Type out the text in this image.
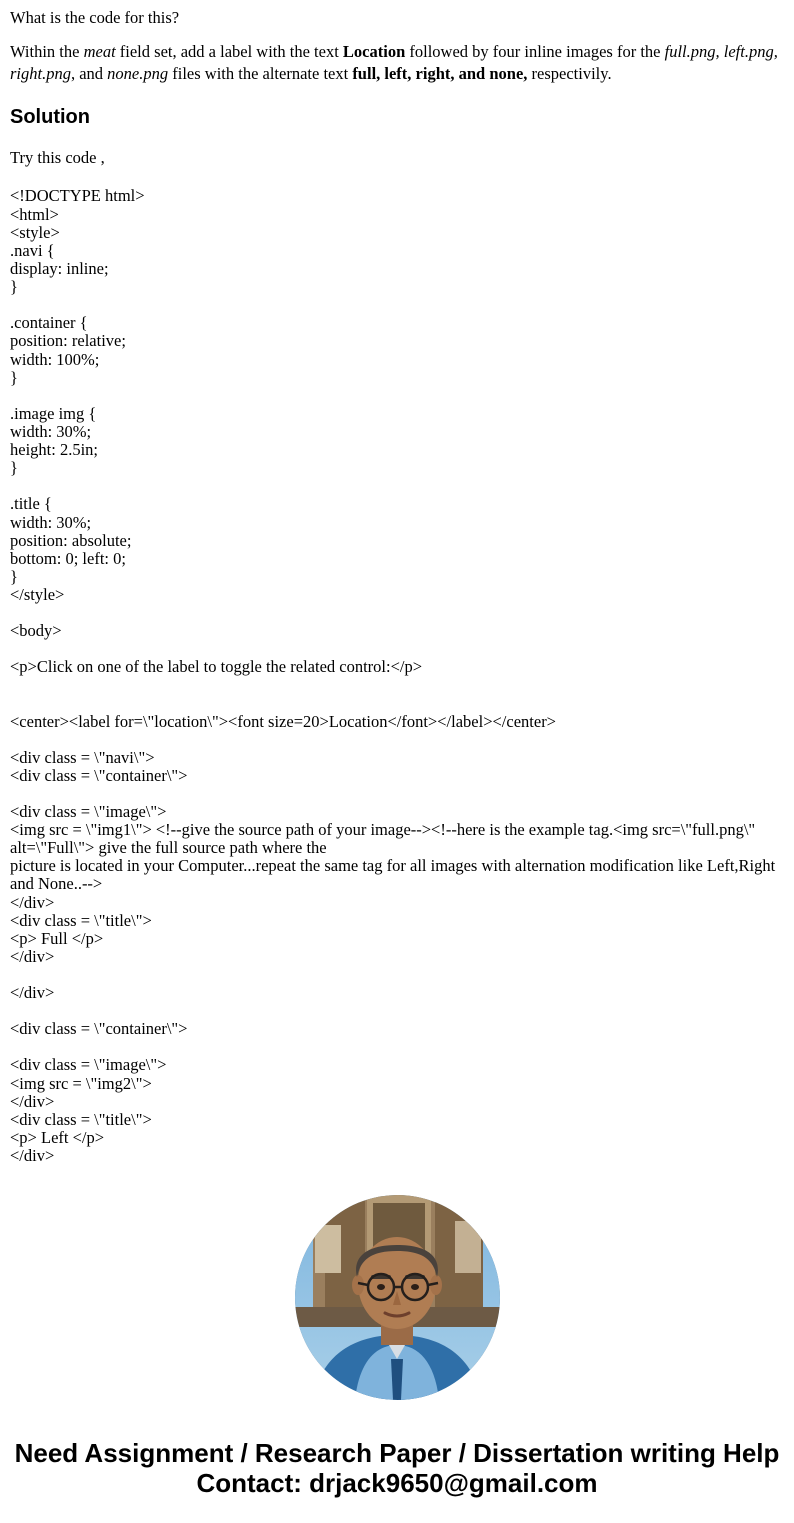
What is the code for this?

Within the meat field set, add a label with the text Location followed by four inline images for the full.png, left.png, right.png, and none.png files with the alternate text full, left, right, and none, respectivily.

Solution

Try this code ,

<!DOCTYPE html>
<html>
<style>
.navi {
display: inline;
}
.container {
position: relative;
width: 100%;
}
.image img {
width: 30%;
height: 2.5in;
}
.title {
width: 30%;
position: absolute;
bottom: 0; left: 0;
}
</style>
<body>
<p>Click on one of the label to toggle the related control:</p>
<center><label for=\"location\"><font size=20>Location</font></label></center>
<div class = \"navi\">
<div class = \"container\">
<div class = \"image\">
<img src = \"img1\"> <!--give the source path of your image--><!--here is the example tag.<img src=\"full.png\" alt=\"Full\"> give the full source path where the
picture is located in your Computer...repeat the same tag for all images with alternation modification like Left,Right and None..-->
</div>
<div class = \"title\">
<p> Full </p>
</div>
</div>
<div class = \"container\">
<div class = \"image\">
<img src = \"img2\">
</div>
<div class = \"title\">
<p> Left </p>
</div>
Need Assignment / Research Paper / Dissertation writing Help
Contact: drjack9650@gmail.com
